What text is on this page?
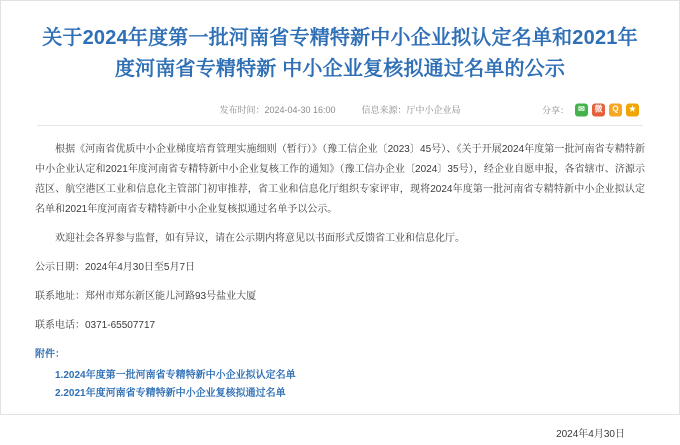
关于2024年度第一批河南省专精特新中小企业拟认定名单和2021年度河南省专精特新 中小企业复核拟通过名单的公示
发布时间：2024-04-30 16:00	信息来源：厅中小企业局	分享：	✉	微	Q	★

根据《河南省优质中小企业梯度培育管理实施细则（暂行）》（豫工信企业〔2023〕45号）、《关于开展2024年度第一批河南省专精特新中小企业认定和2021年度河南省专精特新中小企业复核工作的通知》（豫工信办企业〔2024〕35号），经企业自愿申报，各省辖市、济源示范区、航空港区工业和信息化主管部门初审推荐，省工业和信息化厅组织专家评审，现将2024年度第一批河南省专精特新中小企业拟认定名单和2021年度河南省专精特新中小企业复核拟通过名单予以公示。

欢迎社会各界参与监督，如有异议，请在公示期内将意见以书面形式反馈省工业和信息化厅。

公示日期：2024年4月30日至5月7日

联系地址：郑州市郑东新区能儿河路93号盐业大厦

联系电话：0371-65507717

附件：
1.2024年度第一批河南省专精特新中小企业拟认定名单
2.2021年度河南省专精特新中小企业复核拟通过名单
2024年4月30日
